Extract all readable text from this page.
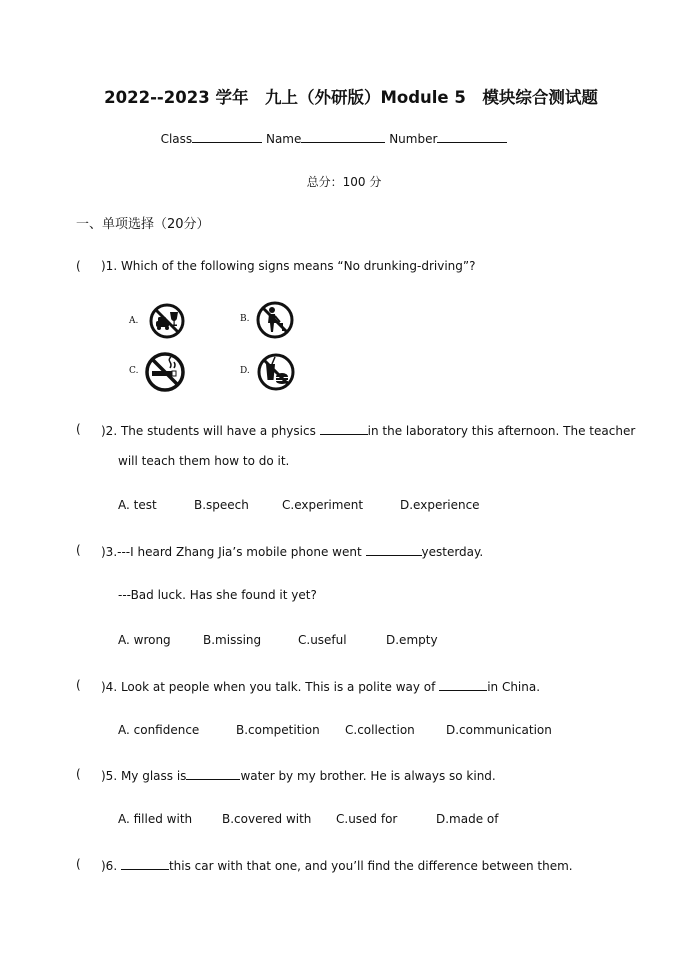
2022--2023 学年　九上（外研版）Module 5　模块综合测试题
Class	Name	Number
总分：100 分
一、单项选择（20分）
( )1. Which of the following signs means “No drunking-driving”?
A.	B.
C.	D.
( )2. The students will have a physics	in the laboratory this afternoon. The teacher
will teach them how to do it.
A. test	B.speech	C.experiment	D.experience
( )3.---I heard Zhang Jia’s mobile phone went	yesterday.
---Bad luck. Has she found it yet?
A. wrong	B.missing	C.useful	D.empty
( )4. Look at people when you talk. This is a polite way of	in China.
A. confidence	B.competition C.collection	D.communication
( )5. My glass is	water by my brother. He is always so kind.
A. filled with B.covered with C.used for	D.made of
( )6.	this car with that one, and you’ll find the difference between them.
